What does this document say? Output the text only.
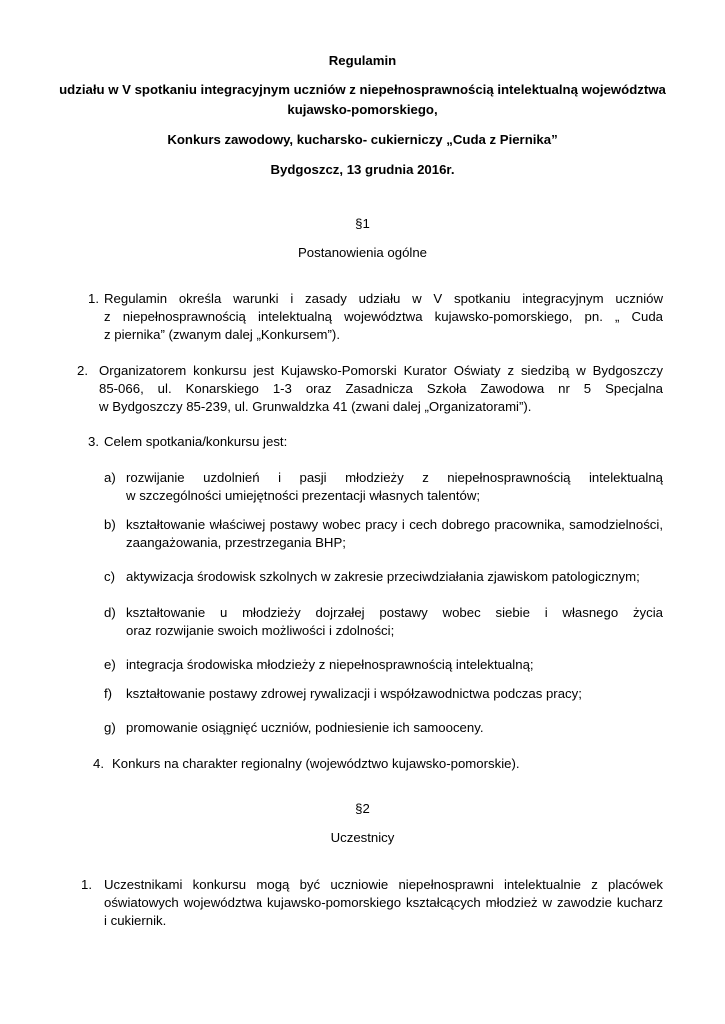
Regulamin

udziału w V spotkaniu integracyjnym uczniów z niepełnosprawnością intelektualną województwa

kujawsko-pomorskiego,

Konkurs zawodowy, kucharsko- cukierniczy „Cuda z Piernika”

Bydgoszcz, 13 grudnia 2016r.

§1

Postanowienia ogólne

1. Regulamin określa warunki i zasady udziału w V spotkaniu integracyjnym uczniów

z niepełnosprawnością intelektualną województwa kujawsko-pomorskiego, pn. „ Cuda

z piernika” (zwanym dalej „Konkursem”).

2. Organizatorem konkursu jest Kujawsko-Pomorski Kurator Oświaty z siedzibą w Bydgoszczy

85-066, ul. Konarskiego 1-3 oraz Zasadnicza Szkoła Zawodowa nr 5 Specjalna

w Bydgoszczy 85-239, ul. Grunwaldzka 41 (zwani dalej „Organizatorami”).

3. Celem spotkania/konkursu jest:

a) rozwijanie uzdolnień i pasji młodzieży z niepełnosprawnością intelektualną

w szczególności umiejętności prezentacji własnych talentów;

b) kształtowanie właściwej postawy wobec pracy i cech dobrego pracownika, samodzielności,

zaangażowania, przestrzegania BHP;

c) aktywizacja środowisk szkolnych w zakresie przeciwdziałania zjawiskom patologicznym;

d) kształtowanie u młodzieży dojrzałej postawy wobec siebie i własnego życia

oraz rozwijanie swoich możliwości i zdolności;

e) integracja środowiska młodzieży z niepełnosprawnością intelektualną;

f) kształtowanie postawy zdrowej rywalizacji i współzawodnictwa podczas pracy;

g) promowanie osiągnięć uczniów, podniesienie ich samooceny.

4. Konkurs na charakter regionalny (województwo kujawsko-pomorskie).

§2

Uczestnicy

1. Uczestnikami konkursu mogą być uczniowie niepełnosprawni intelektualnie z placówek

oświatowych województwa kujawsko-pomorskiego kształcących młodzież w zawodzie kucharz

i cukiernik.
